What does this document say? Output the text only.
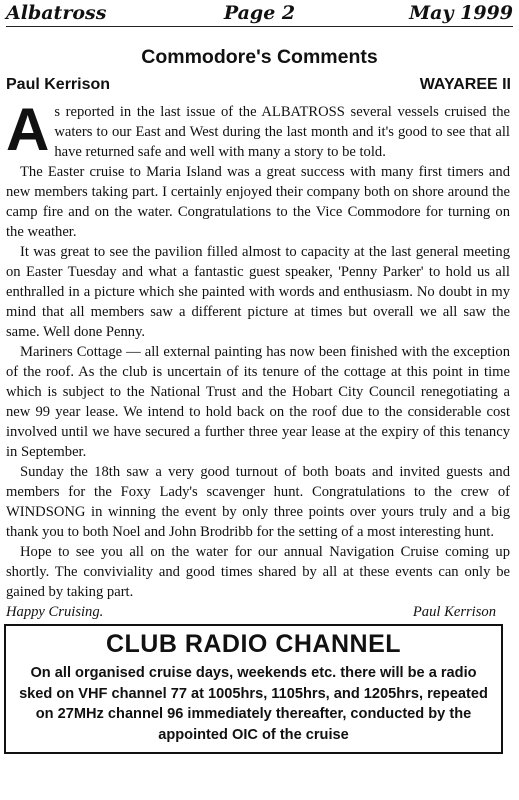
Albatross	Page 2	May 1999
Commodore's Comments
Paul Kerrison	WAYAREE II

As reported in the last issue of the ALBATROSS several vessels cruised the waters to our East and West during the last month and it's good to see that all have returned safe and well with many a story to be told.

The Easter cruise to Maria Island was a great success with many first timers and new members taking part. I certainly enjoyed their company both on shore around the camp fire and on the water. Congratulations to the Vice Commodore for turning on the weather.

It was great to see the pavilion filled almost to capacity at the last general meeting on Easter Tuesday and what a fantastic guest speaker, 'Penny Parker' to hold us all enthralled in a picture which she painted with words and enthusiasm. No doubt in my mind that all members saw a different picture at times but overall we all saw the same. Well done Penny.

Mariners Cottage — all external painting has now been finished with the exception of the roof. As the club is uncertain of its tenure of the cottage at this point in time which is subject to the National Trust and the Hobart City Council renegotiating a new 99 year lease. We intend to hold back on the roof due to the considerable cost involved until we have secured a further three year lease at the expiry of this tenancy in September.

Sunday the 18th saw a very good turnout of both boats and invited guests and members for the Foxy Lady's scavenger hunt. Congratulations to the crew of WINDSONG in winning the event by only three points over yours truly and a big thank you to both Noel and John Brodribb for the setting of a most interesting hunt.

Hope to see you all on the water for our annual Navigation Cruise coming up shortly. The conviviality and good times shared by all at these events can only be gained by taking part.

Happy Cruising.	Paul Kerrison
CLUB RADIO CHANNEL
On all organised cruise days, weekends etc. there will be a radio sked on VHF channel 77 at 1005hrs, 1105hrs, and 1205hrs, repeated on 27MHz channel 96 immediately thereafter, conducted by the appointed OIC of the cruise
